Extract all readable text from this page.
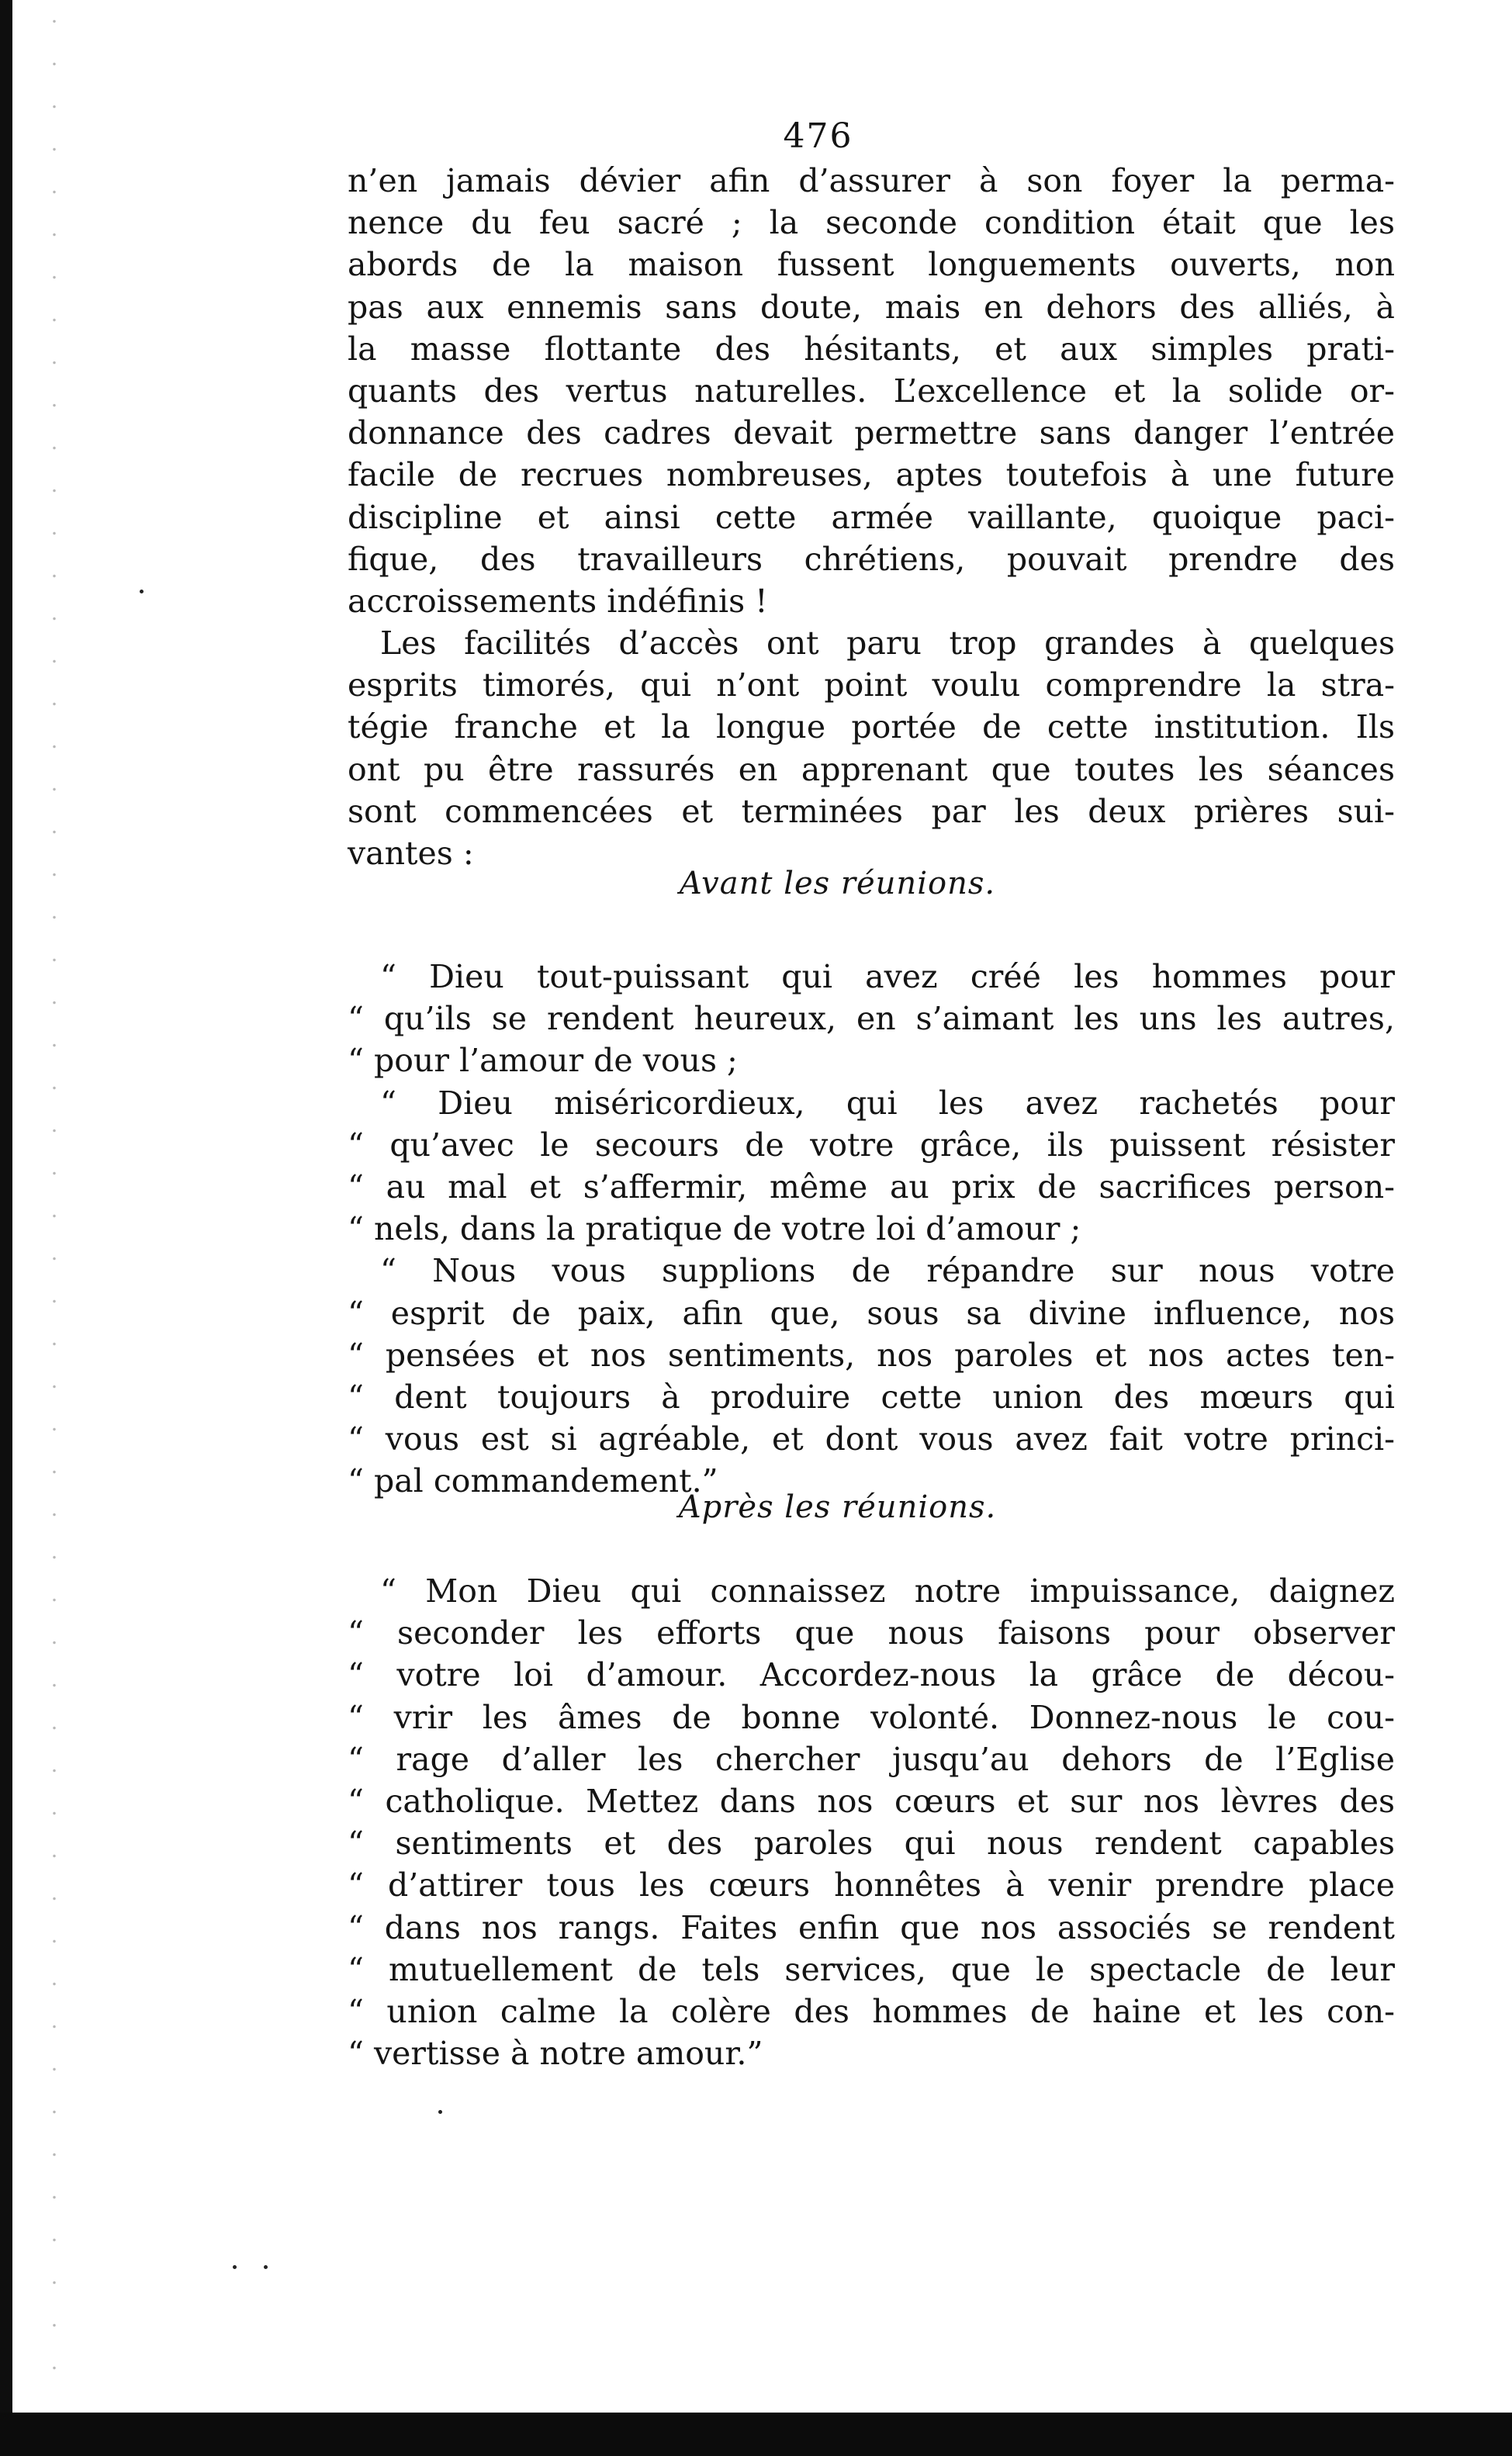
476
n’en jamais dévier afin d’assurer à son foyer la perma-
nence du feu sacré ; la seconde condition était que les
abords de la maison fussent longuements ouverts, non
pas aux ennemis sans doute, mais en dehors des alliés, à
la masse flottante des hésitants, et aux simples prati-
quants des vertus naturelles. L’excellence et la solide or-
donnance des cadres devait permettre sans danger l’entrée
facile de recrues nombreuses, aptes toutefois à une future
discipline et ainsi cette armée vaillante, quoique paci-
fique, des travailleurs chrétiens, pouvait prendre des
accroissements indéfinis !
Les facilités d’accès ont paru trop grandes à quelques
esprits timorés, qui n’ont point voulu comprendre la stra-
tégie franche et la longue portée de cette institution. Ils
ont pu être rassurés en apprenant que toutes les séances
sont commencées et terminées par les deux prières sui-
vantes :
Avant les réunions.
“ Dieu tout-puissant qui avez créé les hommes pour
“ qu’ils se rendent heureux, en s’aimant les uns les autres,
“ pour l’amour de vous ;
“ Dieu miséricordieux, qui les avez rachetés pour
“ qu’avec le secours de votre grâce, ils puissent résister
“ au mal et s’affermir, même au prix de sacrifices person-
“ nels, dans la pratique de votre loi d’amour ;
“ Nous vous supplions de répandre sur nous votre
“ esprit de paix, afin que, sous sa divine influence, nos
“ pensées et nos sentiments, nos paroles et nos actes ten-
“ dent toujours à produire cette union des mœurs qui
“ vous est si agréable, et dont vous avez fait votre princi-
“ pal commandement.”
Après les réunions.
“ Mon Dieu qui connaissez notre impuissance, daignez
“ seconder les efforts que nous faisons pour observer
“ votre loi d’amour. Accordez-nous la grâce de décou-
“ vrir les âmes de bonne volonté. Donnez-nous le cou-
“ rage d’aller les chercher jusqu’au dehors de l’Eglise
“ catholique. Mettez dans nos cœurs et sur nos lèvres des
“ sentiments et des paroles qui nous rendent capables
“ d’attirer tous les cœurs honnêtes à venir prendre place
“ dans nos rangs. Faites enfin que nos associés se rendent
“ mutuellement de tels services, que le spectacle de leur
“ union calme la colère des hommes de haine et les con-
“ vertisse à notre amour.”
